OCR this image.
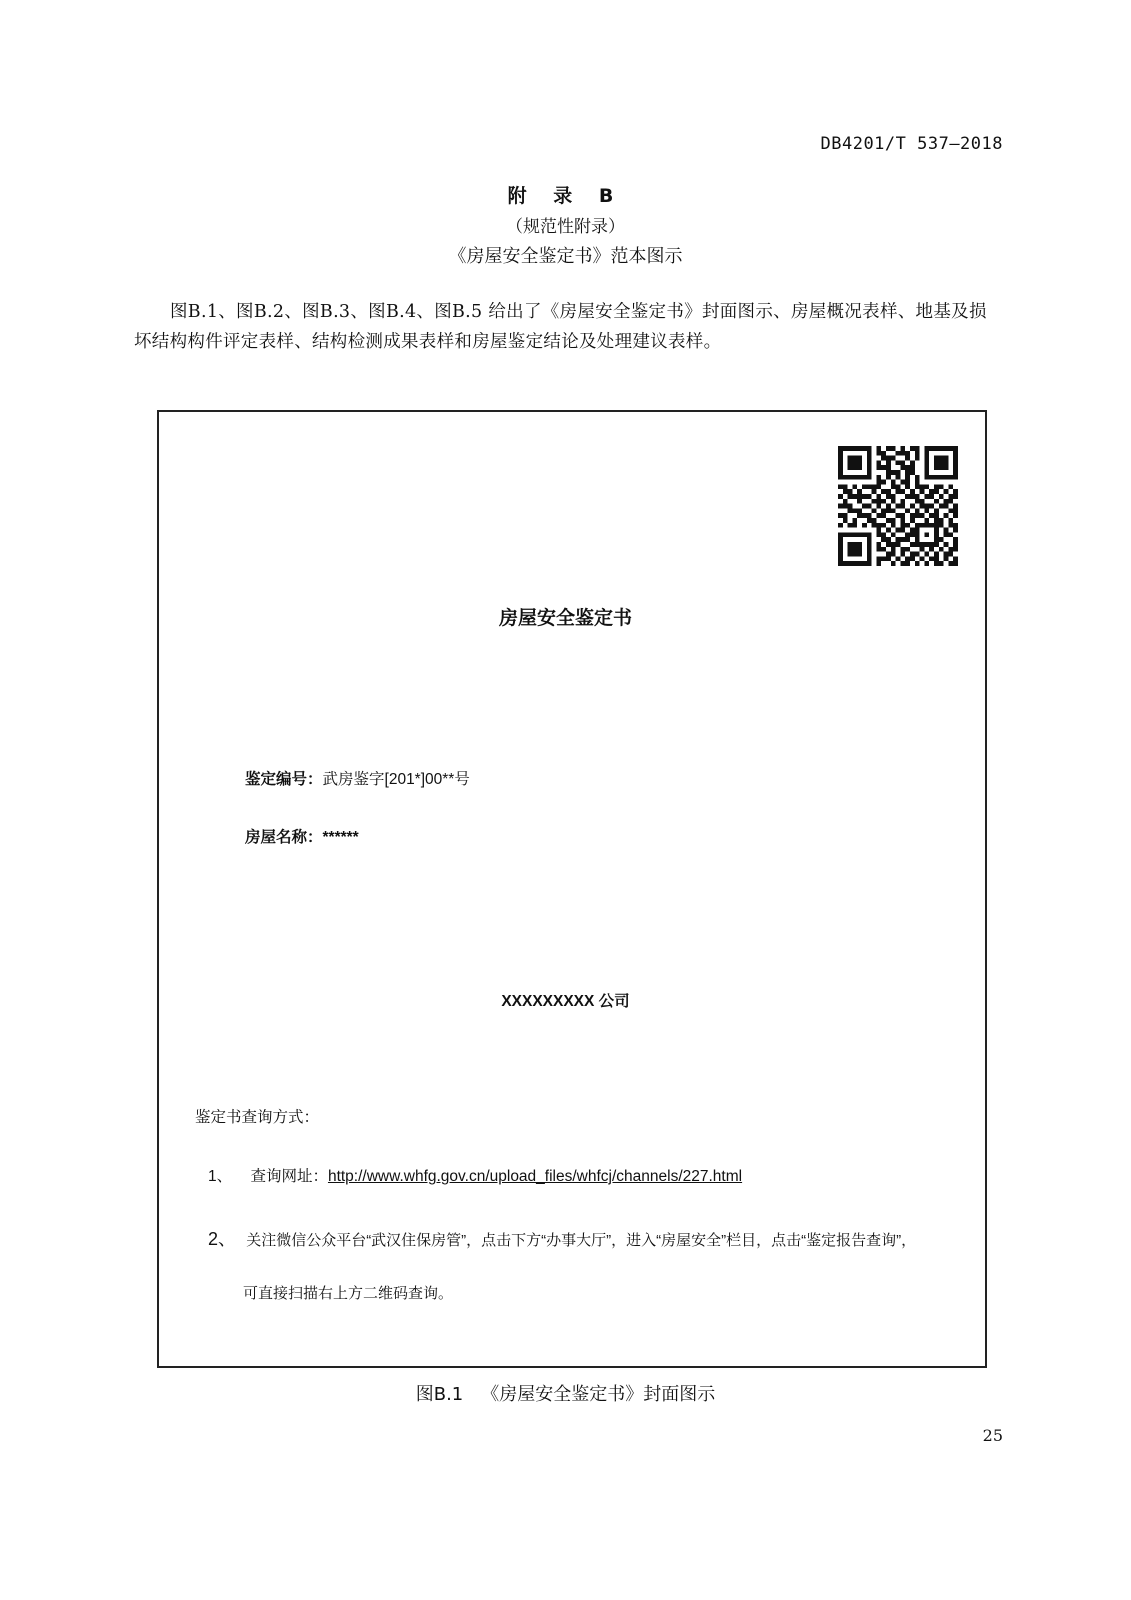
DB4201/T 537—2018
附 录 B
（规范性附录）
《房屋安全鉴定书》范本图示

图B.1、图B.2、图B.3、图B.4、图B.5 给出了《房屋安全鉴定书》封面图示、房屋概况表样、地基及损坏结构构件评定表样、结构检测成果表样和房屋鉴定结论及处理建议表样。

房屋安全鉴定书
鉴定编号：武房鉴字[201*]00**号
房屋名称：******
XXXXXXXXX 公司
鉴定书查询方式：
1、 查询网址：http://www.whfg.gov.cn/upload_files/whfcj/channels/227.html
2、 关注微信公众平台“武汉住保房管”，点击下方“办事大厅”，进入“房屋安全”栏目，点击“鉴定报告查询”，
可直接扫描右上方二维码查询。
图B.1 《房屋安全鉴定书》封面图示
25
